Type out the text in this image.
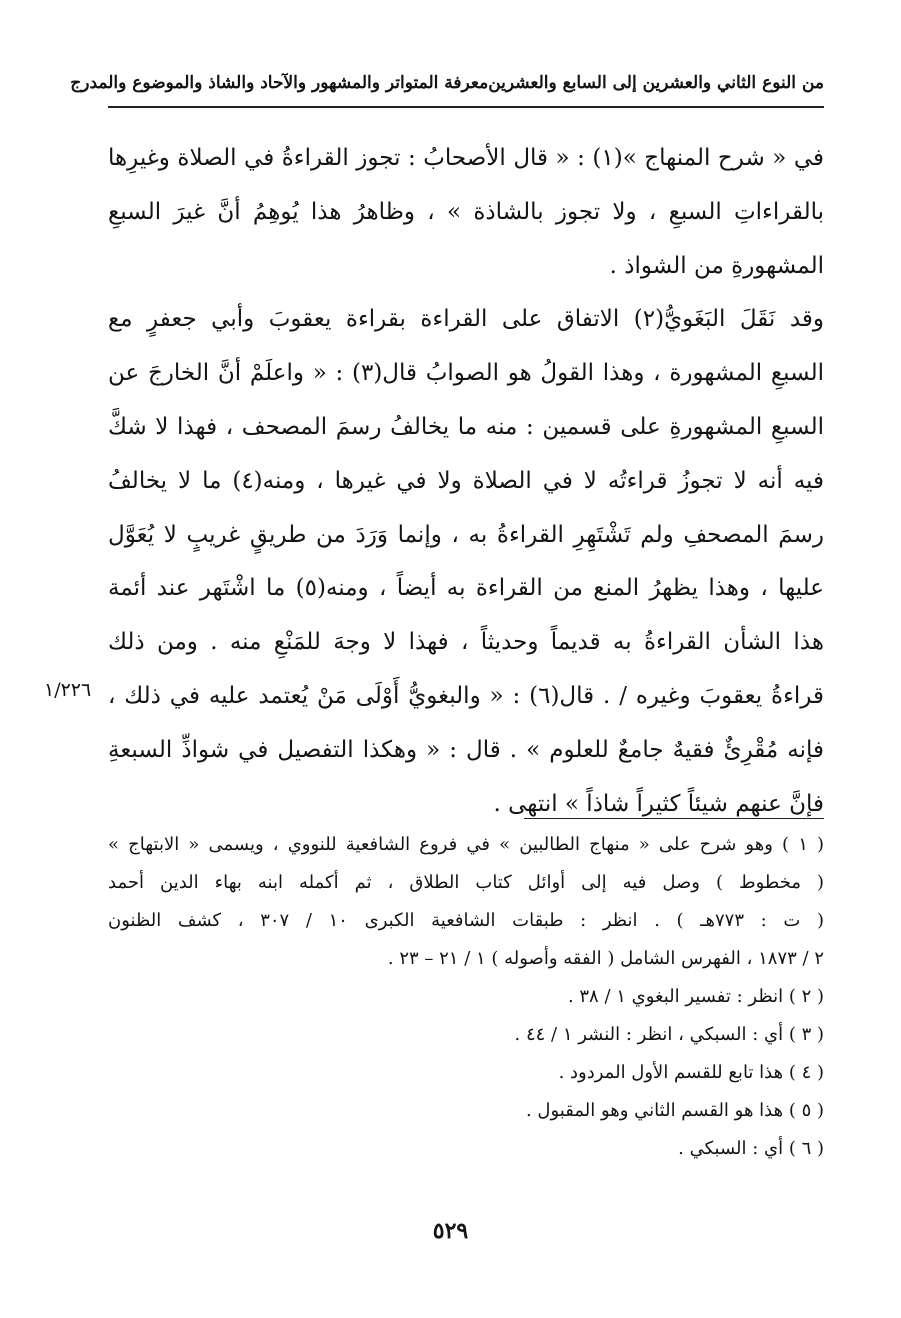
من النوع الثاني والعشرين إلى السابع والعشرين
معرفة المتواتر والمشهور والآحاد والشاذ والموضوع والمدرج
في « شرح المنهاج »(١) : « قال الأصحابُ : تجوز القراءةُ في الصلاة وغيرِها
بالقراءاتِ السبعِ ، ولا تجوز بالشاذة » ، وظاهرُ هذا يُوهِمُ أنَّ غيرَ السبعِ
المشهورةِ من الشواذ .
وقد نَقَلَ البَغَويُّ(٢) الاتفاق على القراءة بقراءة يعقوبَ وأبي جعفرٍ مع
السبعِ المشهورة ، وهذا القولُ هو الصوابُ قال(٣) : « واعلَمْ أنَّ الخارجَ عن
السبعِ المشهورةِ على قسمين : منه ما يخالفُ رسمَ المصحف ، فهذا لا شكَّ
فيه أنه لا تجوزُ قراءتُه لا في الصلاة ولا في غيرها ، ومنه(٤) ما لا يخالفُ
رسمَ المصحفِ ولم تَشْتَهِرِ القراءةُ به ، وإنما وَرَدَ من طريقٍ غريبٍ لا يُعَوَّل
عليها ، وهذا يظهرُ المنع من القراءة به أيضاً ، ومنه(٥) ما اشْتَهر عند أئمة
هذا الشأن القراءةُ به قديماً وحديثاً ، فهذا لا وجهَ للمَنْعِ منه . ومن ذلك
قراءةُ يعقوبَ وغيره / . قال(٦) : « والبغويُّ أَوْلَى مَنْ يُعتمد عليه في ذلك ،
فإنه مُقْرِئٌ فقيهٌ جامعٌ للعلوم » . قال : « وهكذا التفصيل في شواذِّ السبعةِ
فإنَّ عنهم شيئاً كثيراً شاذاً » انتهى .
١/٢٢٦
( ١ ) وهو شرح على « منهاج الطالبين » في فروع الشافعية للنووي ، ويسمى « الابتهاج »
( مخطوط ) وصل فيه إلى أوائل كتاب الطلاق ، ثم أكمله ابنه بهاء الدين أحمد
( ت : ٧٧٣هـ ) . انظر : طبقات الشافعية الكبرى ١٠ / ٣٠٧ ، كشف الظنون
٢ / ١٨٧٣ ، الفهرس الشامل ( الفقه وأصوله ) ١ / ٢١ – ٢٣ .
( ٢ ) انظر : تفسير البغوي ١ / ٣٨ .
( ٣ ) أي : السبكي ، انظر : النشر ١ / ٤٤ .
( ٤ ) هذا تابع للقسم الأول المردود .
( ٥ ) هذا هو القسم الثاني وهو المقبول .
( ٦ ) أي : السبكي .
٥٢٩
